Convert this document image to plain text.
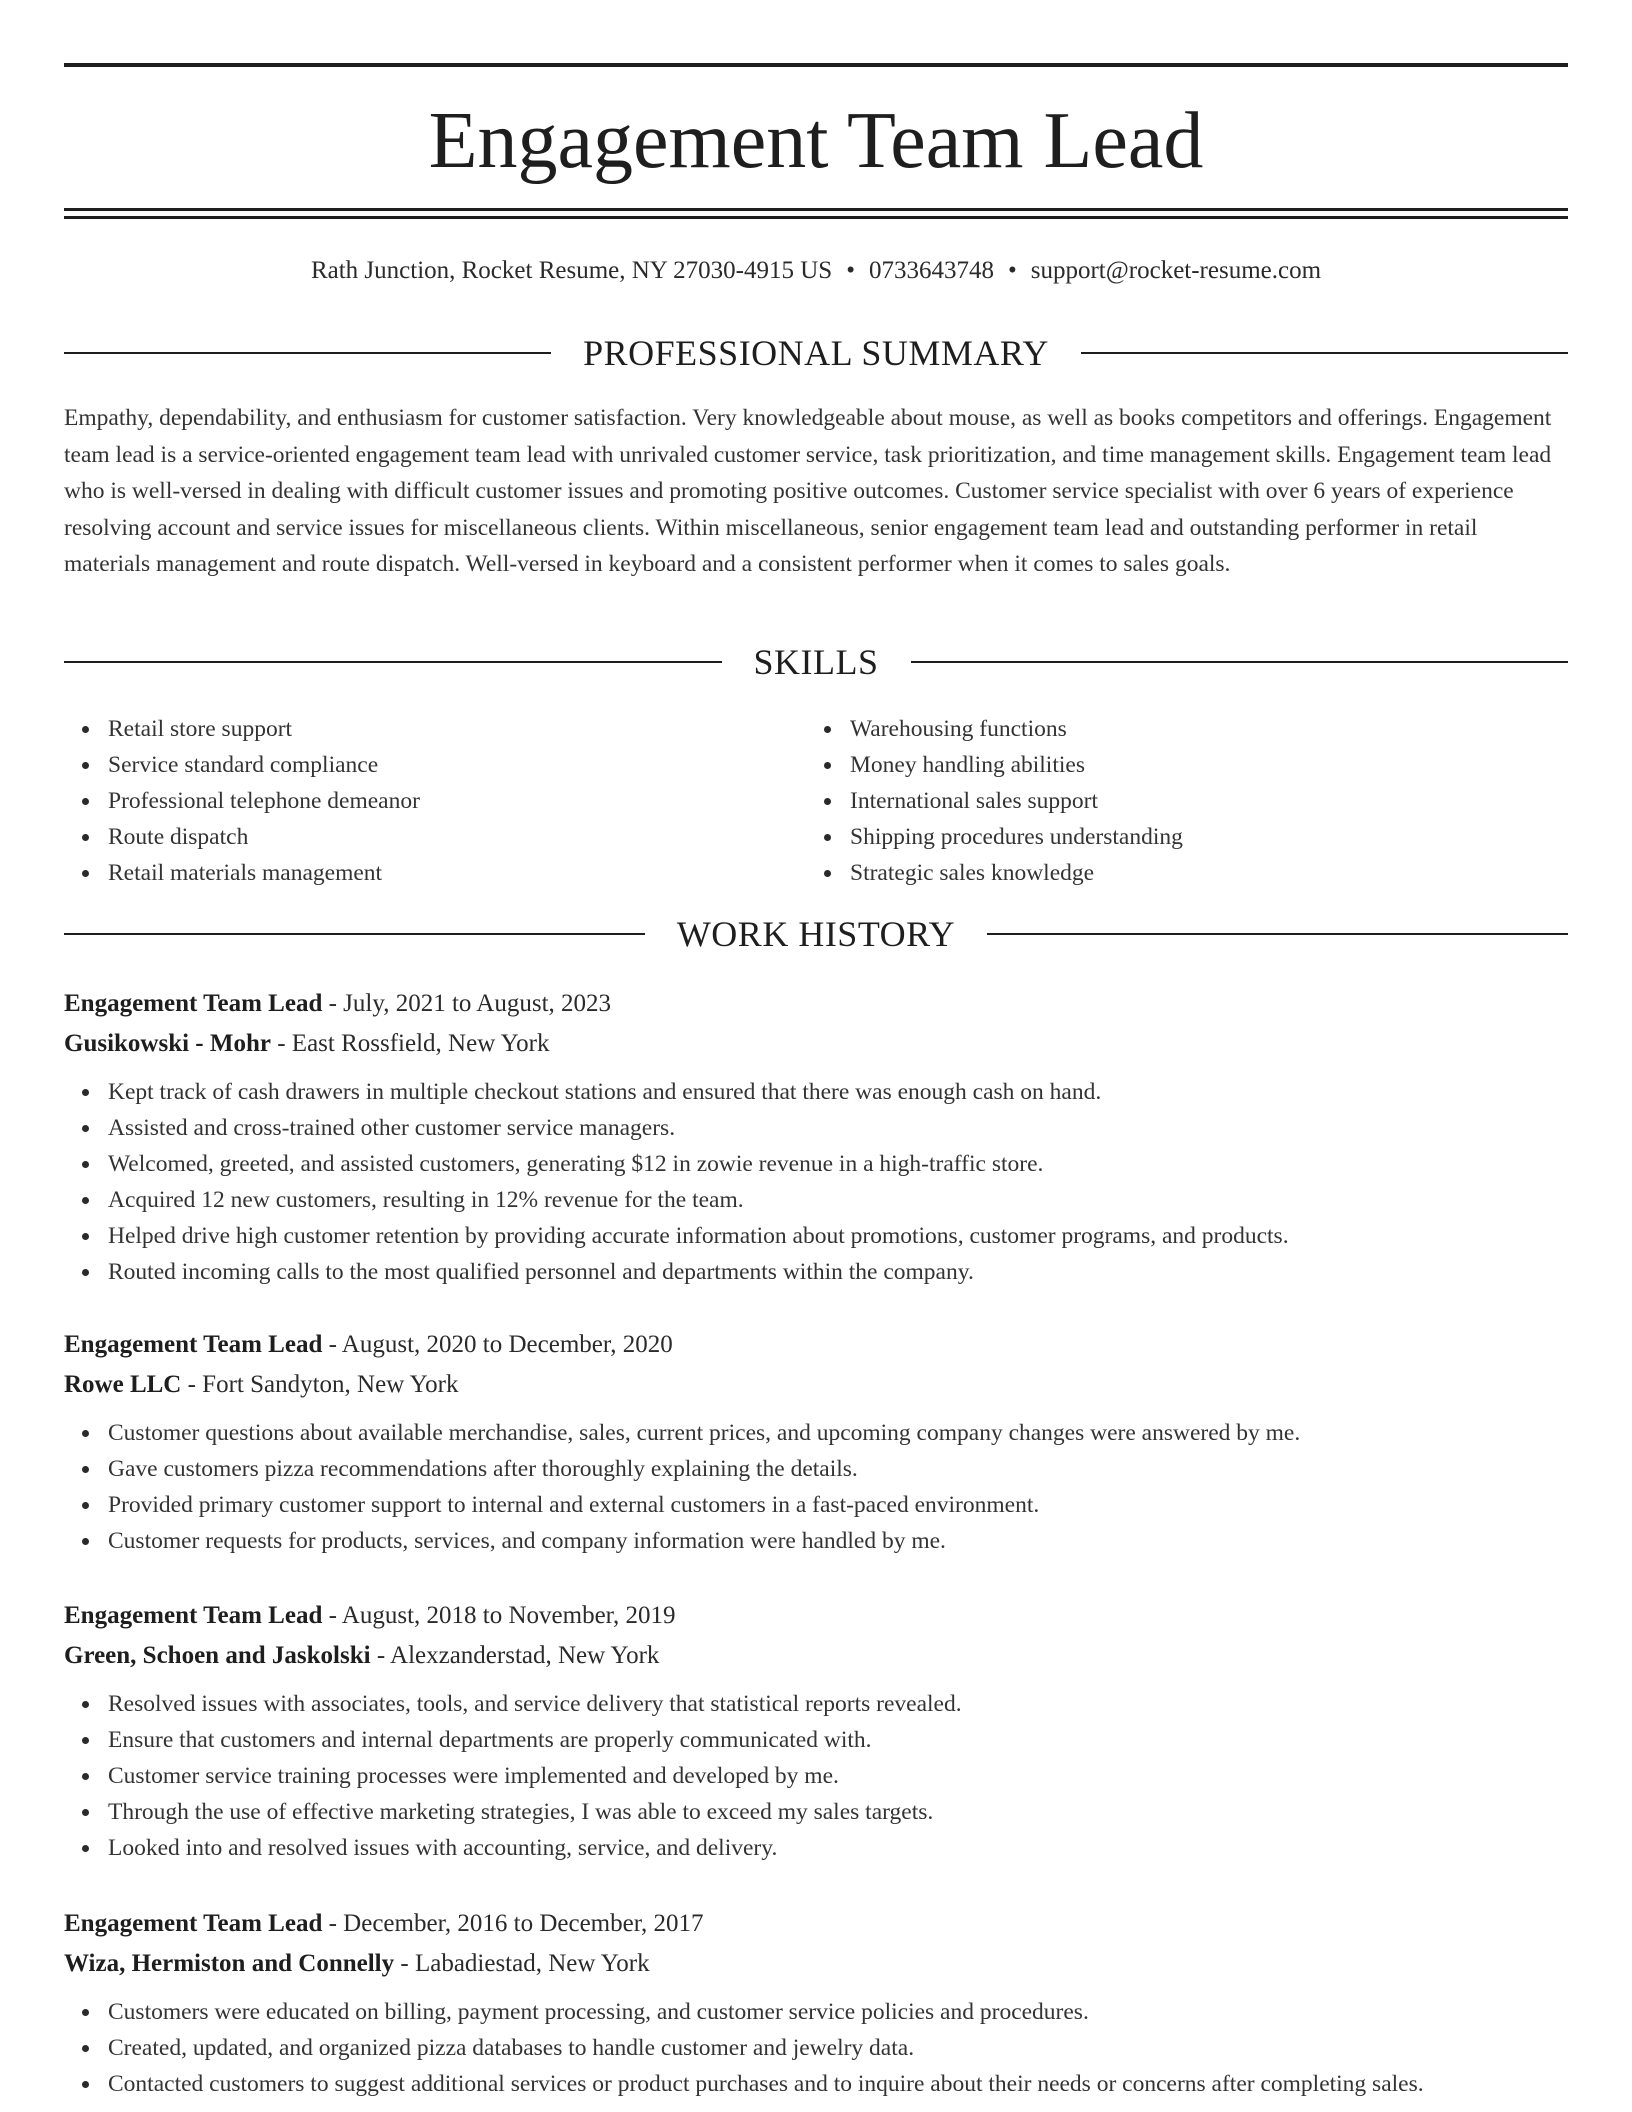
Engagement Team Lead
Rath Junction, Rocket Resume, NY 27030-4915 US • 0733643748 • support@rocket-resume.com
PROFESSIONAL SUMMARY

Empathy, dependability, and enthusiasm for customer satisfaction. Very knowledgeable about mouse, as well as books competitors and offerings. Engagement team lead is a service-oriented engagement team lead with unrivaled customer service, task prioritization, and time management skills. Engagement team lead who is well-versed in dealing with difficult customer issues and promoting positive outcomes. Customer service specialist with over 6 years of experience resolving account and service issues for miscellaneous clients. Within miscellaneous, senior engagement team lead and outstanding performer in retail materials management and route dispatch. Well-versed in keyboard and a consistent performer when it comes to sales goals.

SKILLS
Retail store support
Service standard compliance
Professional telephone demeanor
Route dispatch
Retail materials management
Warehousing functions
Money handling abilities
International sales support
Shipping procedures understanding
Strategic sales knowledge
WORK HISTORY
Engagement Team Lead - July, 2021 to August, 2023
Gusikowski - Mohr - East Rossfield, New York
Kept track of cash drawers in multiple checkout stations and ensured that there was enough cash on hand.
Assisted and cross-trained other customer service managers.
Welcomed, greeted, and assisted customers, generating $12 in zowie revenue in a high-traffic store.
Acquired 12 new customers, resulting in 12% revenue for the team.
Helped drive high customer retention by providing accurate information about promotions, customer programs, and products.
Routed incoming calls to the most qualified personnel and departments within the company.
Engagement Team Lead - August, 2020 to December, 2020
Rowe LLC - Fort Sandyton, New York
Customer questions about available merchandise, sales, current prices, and upcoming company changes were answered by me.
Gave customers pizza recommendations after thoroughly explaining the details.
Provided primary customer support to internal and external customers in a fast-paced environment.
Customer requests for products, services, and company information were handled by me.
Engagement Team Lead - August, 2018 to November, 2019
Green, Schoen and Jaskolski - Alexzanderstad, New York
Resolved issues with associates, tools, and service delivery that statistical reports revealed.
Ensure that customers and internal departments are properly communicated with.
Customer service training processes were implemented and developed by me.
Through the use of effective marketing strategies, I was able to exceed my sales targets.
Looked into and resolved issues with accounting, service, and delivery.
Engagement Team Lead - December, 2016 to December, 2017
Wiza, Hermiston and Connelly - Labadiestad, New York
Customers were educated on billing, payment processing, and customer service policies and procedures.
Created, updated, and organized pizza databases to handle customer and jewelry data.
Contacted customers to suggest additional services or product purchases and to inquire about their needs or concerns after completing sales.
